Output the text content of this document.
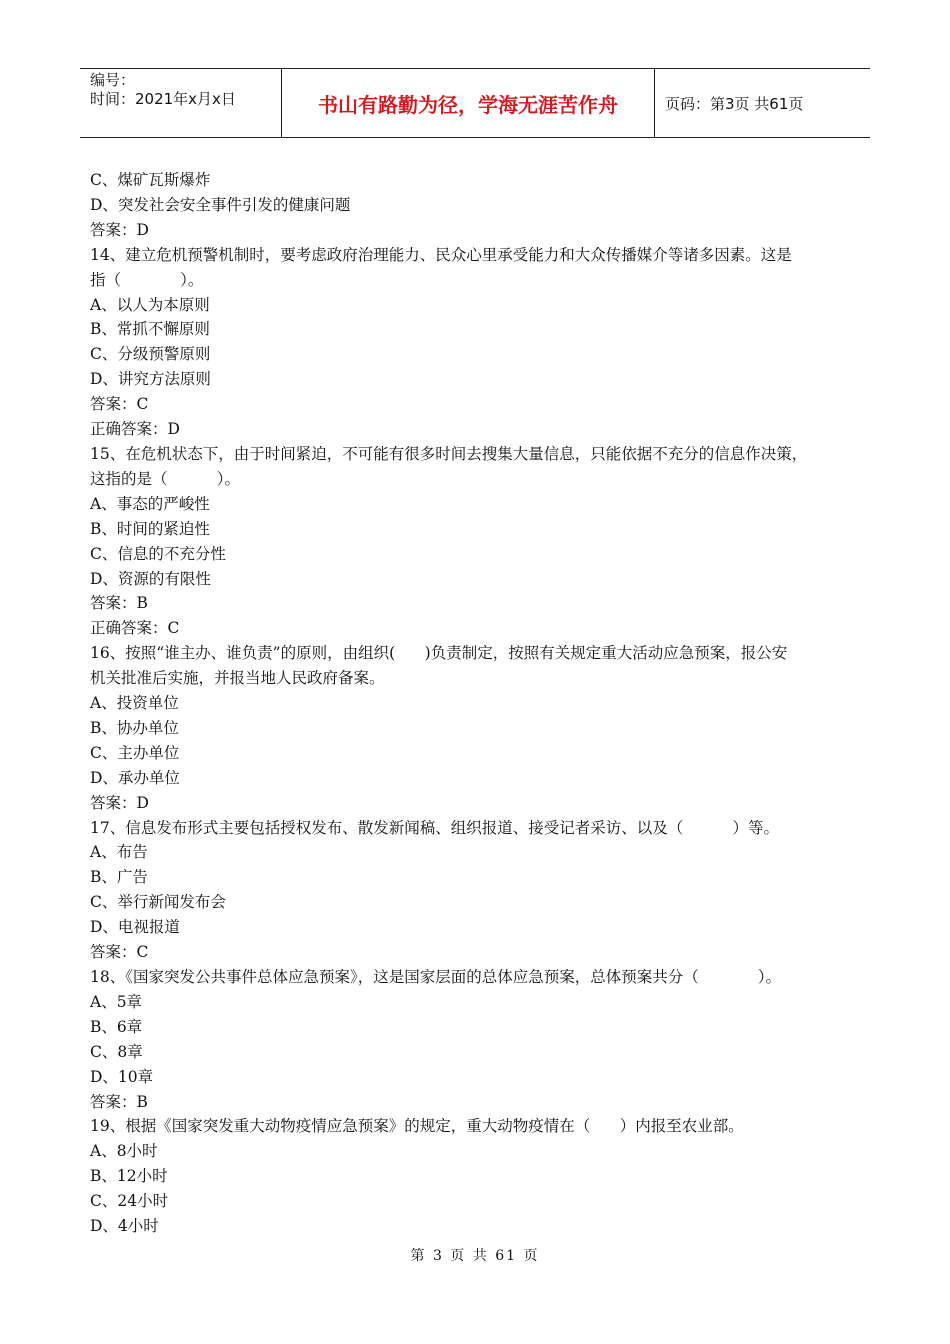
编号：
时间：2021年x月x日	书山有路勤为径，学海无涯苦作舟	页码：第3页 共61页
C、煤矿瓦斯爆炸
D、突发社会安全事件引发的健康问题
答案：D
14、建立危机预警机制时，要考虑政府治理能力、民众心里承受能力和大众传播媒介等诸多因素。这是
指（            ）。
A、以人为本原则
B、常抓不懈原则
C、分级预警原则
D、讲究方法原则
答案：C
正确答案：D
15、在危机状态下，由于时间紧迫，不可能有很多时间去搜集大量信息，只能依据不充分的信息作决策，
这指的是（          ）。
A、事态的严峻性
B、时间的紧迫性
C、信息的不充分性
D、资源的有限性
答案：B
正确答案：C
16、按照“谁主办、谁负责”的原则，由组织(      )负责制定，按照有关规定重大活动应急预案，报公安
机关批准后实施，并报当地人民政府备案。
A、投资单位
B、协办单位
C、主办单位
D、承办单位
答案：D
17、信息发布形式主要包括授权发布、散发新闻稿、组织报道、接受记者采访、以及（          ）等。
A、布告
B、广告
C、举行新闻发布会
D、电视报道
答案：C
18、《国家突发公共事件总体应急预案》，这是国家层面的总体应急预案，总体预案共分（            ）。
A、5章
B、6章
C、8章
D、10章
答案：B
19、根据《国家突发重大动物疫情应急预案》的规定，重大动物疫情在（      ）内报至农业部。
A、8小时
B、12小时
C、24小时
D、4小时
第 3 页 共 61 页
